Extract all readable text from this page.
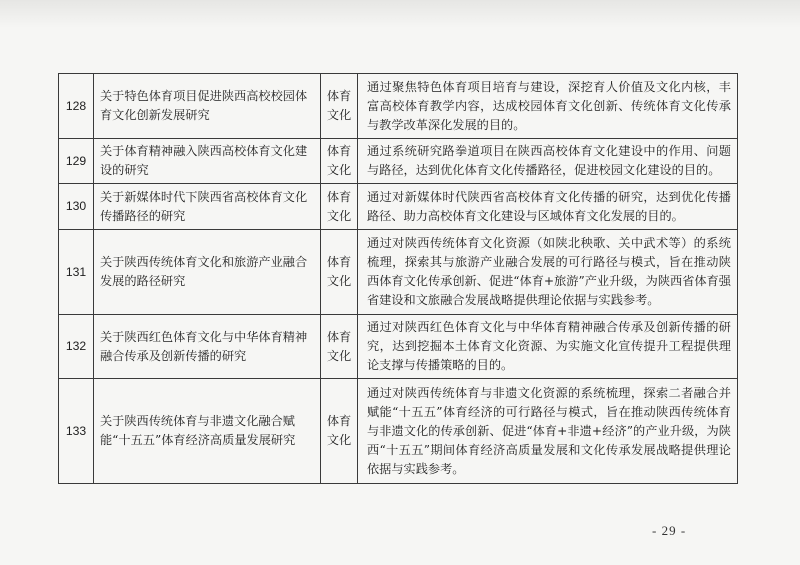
128	关于特色体育项目促进陕西高校校园体育文化创新发展研究	体育文化	通过聚焦特色体育项目培育与建设，深挖育人价值及文化内核，丰富高校体育教学内容，达成校园体育文化创新、传统体育文化传承与教学改革深化发展的目的。
129	关于体育精神融入陕西高校体育文化建设的研究	体育文化	通过系统研究路拳道项目在陕西高校体育文化建设中的作用、问题与路径，达到优化体育文化传播路径，促进校园文化建设的目的。
130	关于新媒体时代下陕西省高校体育文化传播路径的研究	体育文化	通过对新媒体时代陕西省高校体育文化传播的研究，达到优化传播路径、助力高校体育文化建设与区域体育文化发展的目的。
131	关于陕西传统体育文化和旅游产业融合发展的路径研究	体育文化	通过对陕西传统体育文化资源（如陕北秧歌、关中武术等）的系统梳理，探索其与旅游产业融合发展的可行路径与模式，旨在推动陕西体育文化传承创新、促进“体育+旅游”产业升级，为陕西省体育强省建设和文旅融合发展战略提供理论依据与实践参考。
132	关于陕西红色体育文化与中华体育精神融合传承及创新传播的研究	体育文化	通过对陕西红色体育文化与中华体育精神融合传承及创新传播的研究，达到挖掘本土体育文化资源、为实施文化宣传提升工程提供理论支撑与传播策略的目的。
133	关于陕西传统体育与非遗文化融合赋能“十五五”体育经济高质量发展研究	体育文化	通过对陕西传统体育与非遗文化资源的系统梳理，探索二者融合并赋能“十五五”体育经济的可行路径与模式，旨在推动陕西传统体育与非遗文化的传承创新、促进“体育+非遗+经济”的产业升级，为陕西“十五五”期间体育经济高质量发展和文化传承发展战略提供理论依据与实践参考。
- 29 -
